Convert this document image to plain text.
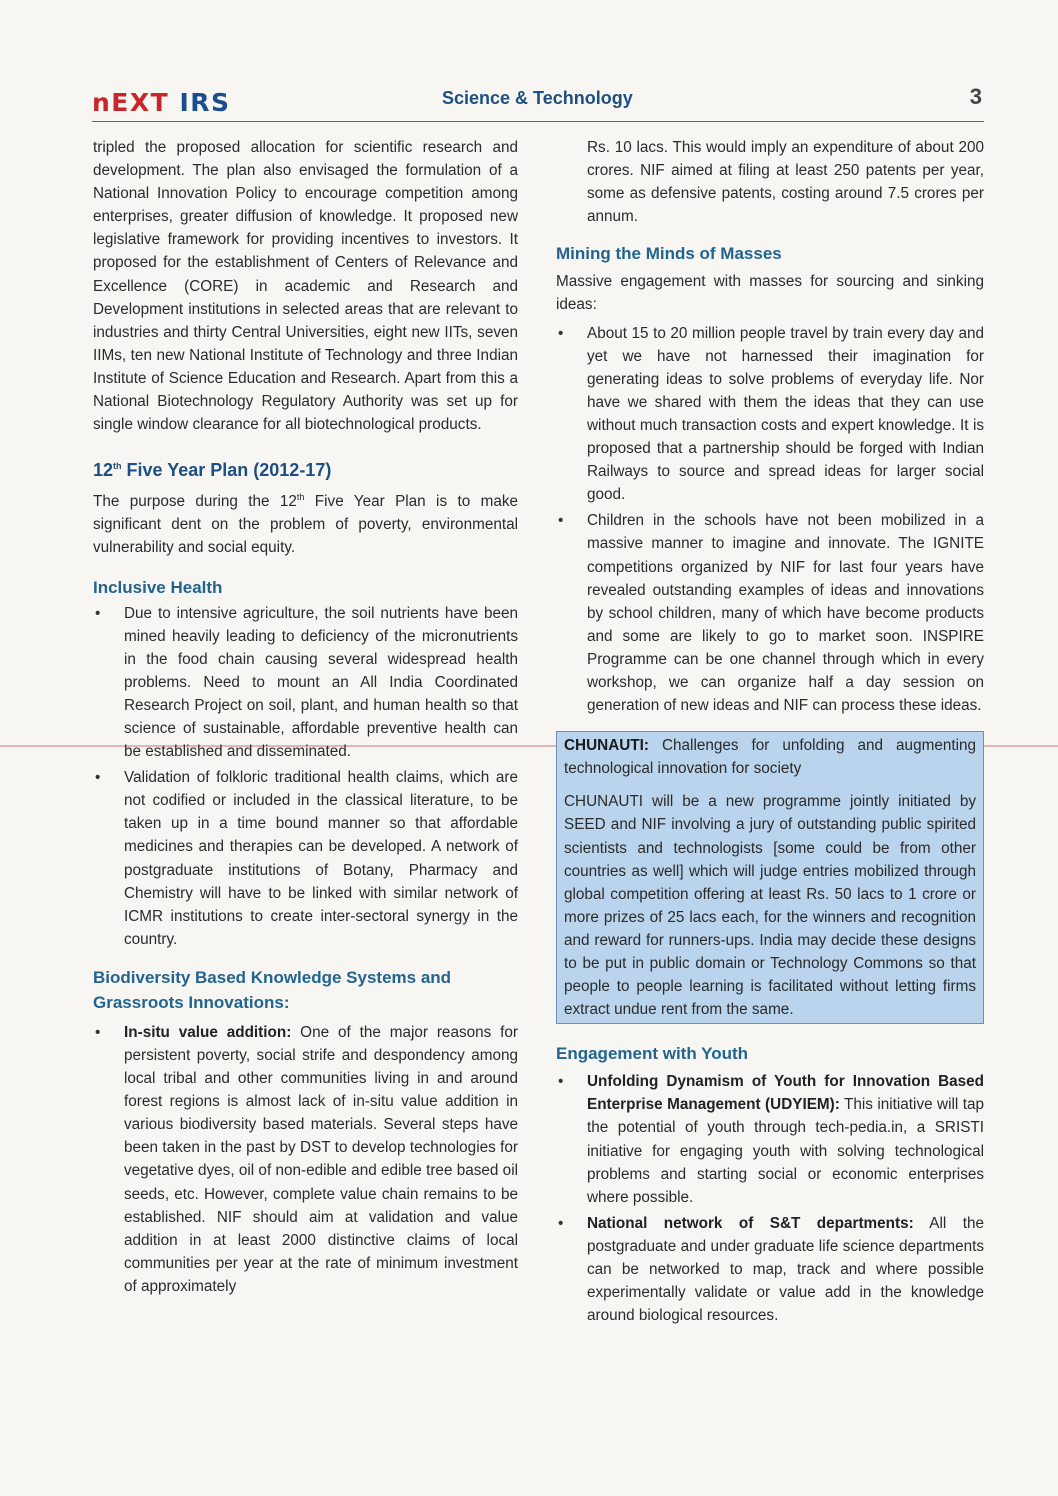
nEXT IRS	Science & Technology	3

tripled the proposed allocation for scientific research and development. The plan also envisaged the formulation of a National Innovation Policy to encourage competition among enterprises, greater diffusion of knowledge. It proposed new legislative framework for providing incentives to investors. It proposed for the establishment of Centers of Relevance and Excellence (CORE) in academic and Research and Development institutions in selected areas that are relevant to industries and thirty Central Universities, eight new IITs, seven IIMs, ten new National Institute of Technology and three Indian Institute of Science Education and Research. Apart from this a National Biotechnology Regulatory Authority was set up for single window clearance for all biotechnological products.

12th Five Year Plan (2012-17)

The purpose during the 12th Five Year Plan is to make significant dent on the problem of poverty, environmental vulnerability and social equity.

Inclusive Health
• Due to intensive agriculture, the soil nutrients have been mined heavily leading to deficiency of the micronutrients in the food chain causing several widespread health problems. Need to mount an All India Coordinated Research Project on soil, plant, and human health so that science of sustainable, affordable preventive health can be established and disseminated.
• Validation of folkloric traditional health claims, which are not codified or included in the classical literature, to be taken up in a time bound manner so that affordable medicines and therapies can be developed. A network of postgraduate institutions of Botany, Pharmacy and Chemistry will have to be linked with similar network of ICMR institutions to create inter-sectoral synergy in the country.
Biodiversity Based Knowledge Systems and Grassroots Innovations:
• In-situ value addition: One of the major reasons for persistent poverty, social strife and despondency among local tribal and other communities living in and around forest regions is almost lack of in-situ value addition in various biodiversity based materials. Several steps have been taken in the past by DST to develop technologies for vegetative dyes, oil of non-edible and edible tree based oil seeds, etc. However, complete value chain remains to be established. NIF should aim at validation and value addition in at least 2000 distinctive claims of local communities per year at the rate of minimum investment of approximately

Rs. 10 lacs. This would imply an expenditure of about 200 crores. NIF aimed at filing at least 250 patents per year, some as defensive patents, costing around 7.5 crores per annum.

Mining the Minds of Masses

Massive engagement with masses for sourcing and sinking ideas:

• About 15 to 20 million people travel by train every day and yet we have not harnessed their imagination for generating ideas to solve problems of everyday life. Nor have we shared with them the ideas that they can use without much transaction costs and expert knowledge. It is proposed that a partnership should be forged with Indian Railways to source and spread ideas for larger social good.
• Children in the schools have not been mobilized in a massive manner to imagine and innovate. The IGNITE competitions organized by NIF for last four years have revealed outstanding examples of ideas and innovations by school children, many of which have become products and some are likely to go to market soon. INSPIRE Programme can be one channel through which in every workshop, we can organize half a day session on generation of new ideas and NIF can process these ideas.

CHUNAUTI: Challenges for unfolding and augmenting technological innovation for society

CHUNAUTI will be a new programme jointly initiated by SEED and NIF involving a jury of outstanding public spirited scientists and technologists [some could be from other countries as well] which will judge entries mobilized through global competition offering at least Rs. 50 lacs to 1 crore or more prizes of 25 lacs each, for the winners and recognition and reward for runners-ups. India may decide these designs to be put in public domain or Technology Commons so that people to people learning is facilitated without letting firms extract undue rent from the same.

Engagement with Youth
• Unfolding Dynamism of Youth for Innovation Based Enterprise Management (UDYIEM): This initiative will tap the potential of youth through tech-pedia.in, a SRISTI initiative for engaging youth with solving technological problems and starting social or economic enterprises where possible.
• National network of S&T departments: All the postgraduate and under graduate life science departments can be networked to map, track and where possible experimentally validate or value add in the knowledge around biological resources.
